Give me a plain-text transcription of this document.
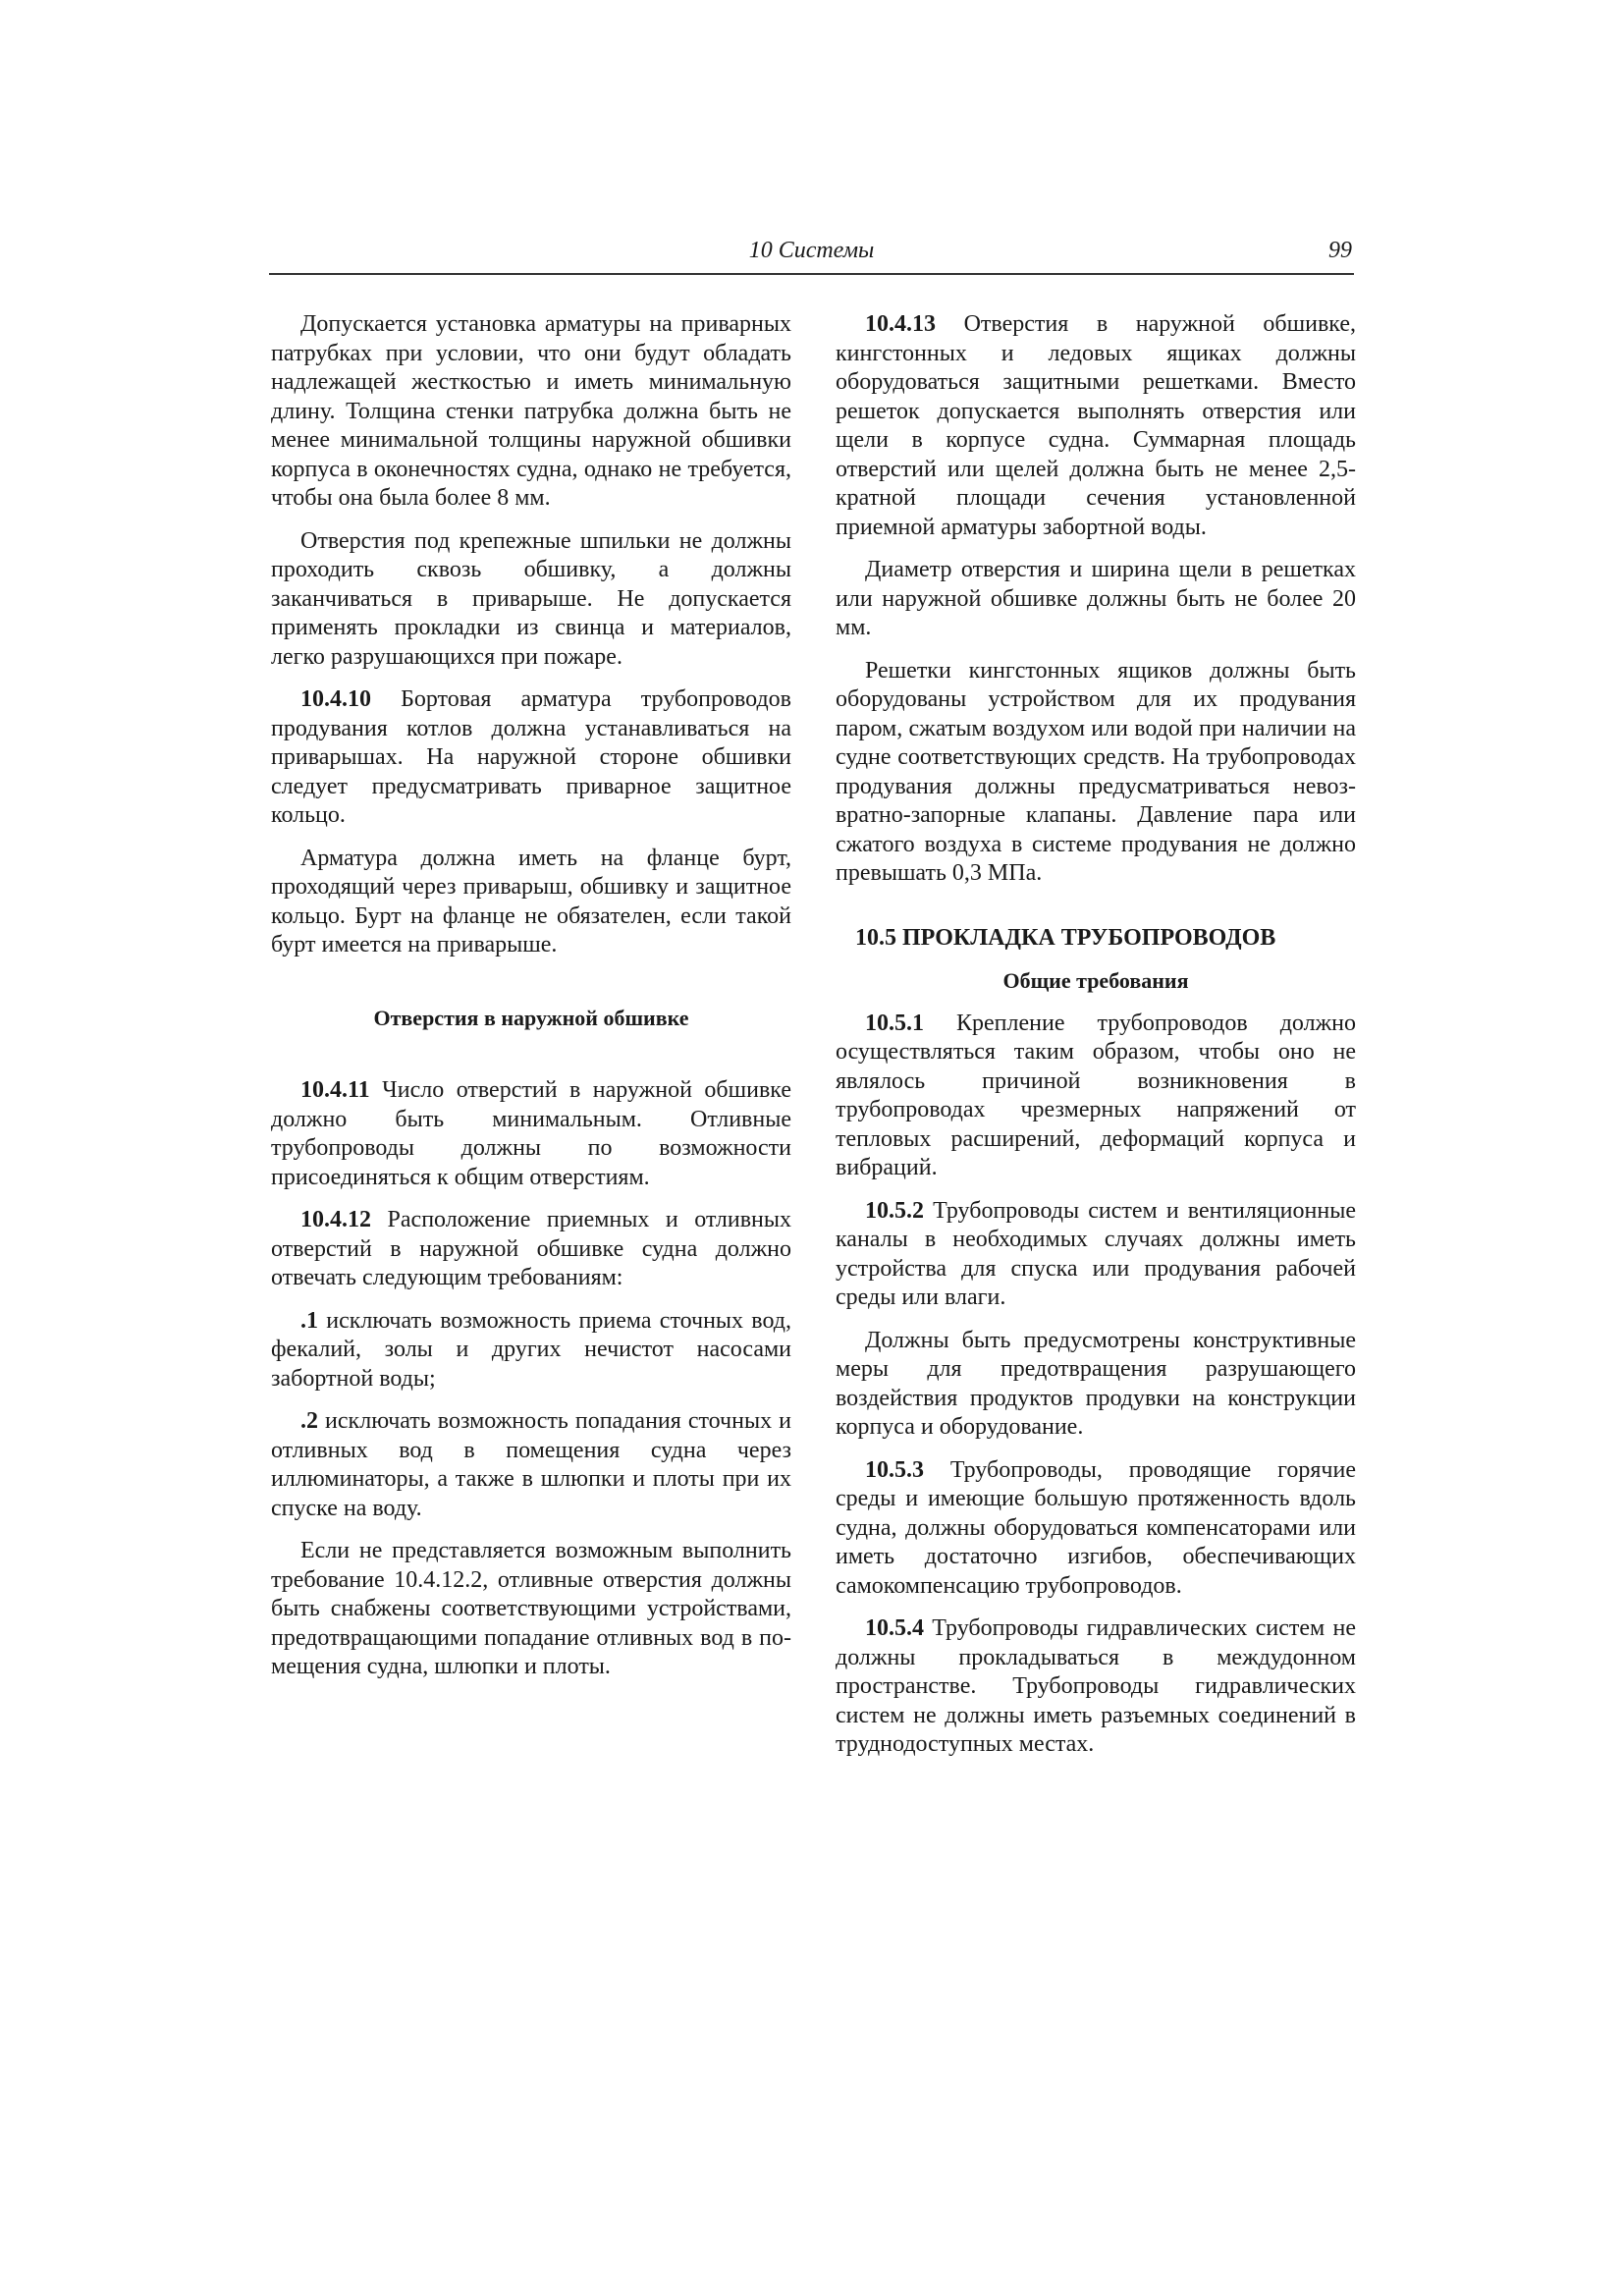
10 Системы	99

Допускается установка арматуры на приварных патрубках при условии, что они будут обладать надлежащей жесткостью и иметь минимальную длину. Толщина стенки патрубка должна быть не менее минимальной толщины наружной обшивки корпуса в оконечностях судна, однако не требуется, чтобы она была более 8 мм.

Отверстия под крепежные шпильки не должны проходить сквозь обшивку, а должны заканчиваться в приварыше. Не допускается применять прокладки из свинца и материалов, легко разрушающихся при пожаре.

10.4.10 Бортовая арматура трубопроводов продувания котлов должна устанавливаться на приварышах. На наружной стороне обшивки следует предусматривать приварное защитное кольцо.

Арматура должна иметь на фланце бурт, проходящий через приварыш, обшивку и защитное кольцо. Бурт на фланце не обязателен, если такой бурт имеется на приварыше.

Отверстия в наружной обшивке

10.4.11 Число отверстий в наружной обшивке должно быть минимальным. Отливные трубопроводы должны по возможности присоединяться к общим отверстиям.

10.4.12 Расположение приемных и отливных отверстий в наружной обшивке судна должно отвечать следующим требованиям:

.1 исключать возможность приема сточных вод, фекалий, золы и других нечистот насосами забортной воды;

.2 исключать возможность попадания сточных и отливных вод в помещения судна через иллюминаторы, а также в шлюпки и плоты при их спуске на воду.

Если не представляется возможным выполнить требование 10.4.12.2, отливные отверстия должны быть снабжены соответствующими устройствами, предотвращающими попадание отливных вод в помещения судна, шлюпки и плоты.

10.4.13 Отверстия в наружной обшивке, кингстонных и ледовых ящиках должны оборудоваться защитными решетками. Вместо решеток допускается выполнять отверстия или щели в корпусе судна. Суммарная площадь отверстий или щелей должна быть не менее 2,5-кратной площади сечения установленной приемной арматуры забортной воды.

Диаметр отверстия и ширина щели в решетках или наружной обшивке должны быть не более 20 мм.

Решетки кингстонных ящиков должны быть оборудованы устройством для их продувания паром, сжатым воздухом или водой при наличии на судне соответствующих средств. На трубопроводах продувания должны предусматриваться невозвратно-запорные клапаны. Давление пара или сжатого воздуха в системе продувания не должно превышать 0,3 МПа.

10.5 ПРОКЛАДКА ТРУБОПРОВОДОВ
Общие требования

10.5.1 Крепление трубопроводов должно осуществляться таким образом, чтобы оно не являлось причиной возникновения в трубопроводах чрезмерных напряжений от тепловых расширений, деформаций корпуса и вибраций.

10.5.2 Трубопроводы систем и вентиляционные каналы в необходимых случаях должны иметь устройства для спуска или продувания рабочей среды или влаги.

Должны быть предусмотрены конструктивные меры для предотвращения разрушающего воздействия продуктов продувки на конструкции корпуса и оборудование.

10.5.3 Трубопроводы, проводящие горячие среды и имеющие большую протяженность вдоль судна, должны оборудоваться компенсаторами или иметь достаточно изгибов, обеспечивающих самокомпенсацию трубопроводов.

10.5.4 Трубопроводы гидравлических систем не должны прокладываться в междудонном пространстве. Трубопроводы гидравлических систем не должны иметь разъемных соединений в труднодоступных местах.
